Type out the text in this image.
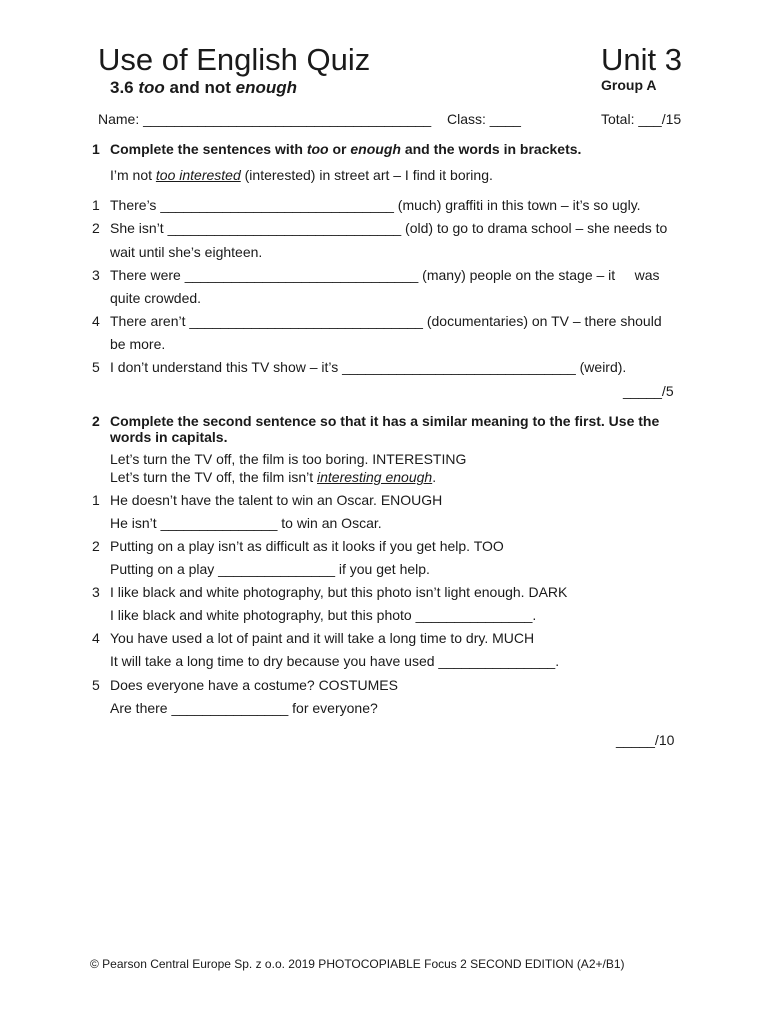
Use of English Quiz	Unit 3
3.6 too and not enough	Group A
Name: _____________________________________ Class: ____	Total: ___/15
1 Complete the sentences with too or enough and the words in brackets.
I’m not too interested (interested) in street art – I find it boring.
1 There’s ______________________________ (much) graffiti in this town – it’s so ugly.
2 She isn’t ______________________________ (old) to go to drama school – she needs to
wait until she’s eighteen.
3 There were ______________________________ (many) people on the stage – it     was
quite crowded.
4 There aren’t ______________________________ (documentaries) on TV – there should
be more.
5 I don’t understand this TV show – it’s ______________________________ (weird).
_____/5
2 Complete the second sentence so that it has a similar meaning to the first. Use the
words in capitals.
Let’s turn the TV off, the film is too boring. INTERESTING
Let’s turn the TV off, the film isn’t interesting enough.
1 He doesn’t have the talent to win an Oscar. ENOUGH
He isn’t _______________ to win an Oscar.
2 Putting on a play isn’t as difficult as it looks if you get help. TOO
Putting on a play _______________ if you get help.
3 I like black and white photography, but this photo isn’t light enough. DARK
I like black and white photography, but this photo _______________.
4 You have used a lot of paint and it will take a long time to dry. MUCH
It will take a long time to dry because you have used _______________.
5 Does everyone have a costume? COSTUMES
Are there _______________ for everyone?
_____/10
© Pearson Central Europe Sp. z o.o. 2019 PHOTOCOPIABLE Focus 2 SECOND EDITION (A2+/B1)
